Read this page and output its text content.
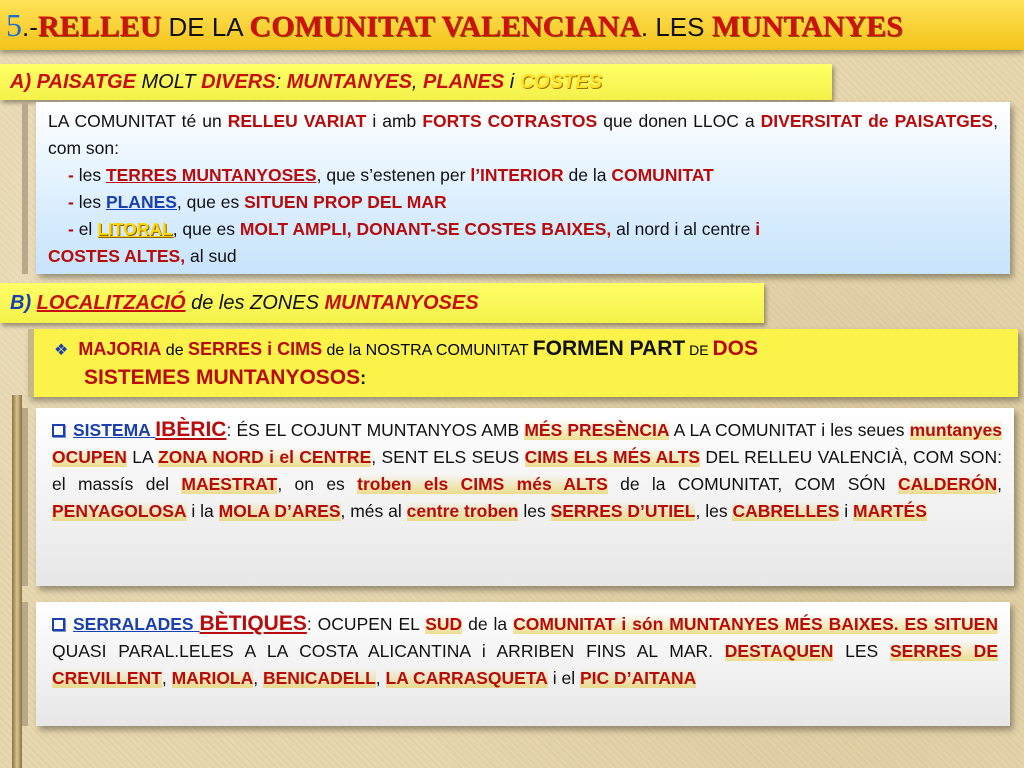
5.-RELLEU DE LA COMUNITAT VALENCIANA. LES MUNTANYES
A) PAISATGE MOLT DIVERS: MUNTANYES, PLANES i COSTES
LA COMUNITAT té un RELLEU VARIAT i amb FORTS COTRASTOS que donen LLOC a DIVERSITAT de PAISATGES, com son:
- les TERRES MUNTANYOSES, que s’estenen per l’INTERIOR de la COMUNITAT
- les PLANES, que es SITUEN PROP DEL MAR
- el LITORAL, que es MOLT AMPLI, DONANT-SE COSTES BAIXES, al nord i al centre i
COSTES ALTES, al sud
B) LOCALITZACIÓ de les ZONES MUNTANYOSES
❖ MAJORIA de SERRES i CIMS de la NOSTRA COMUNITAT FORMEN PART DE DOS
SISTEMES MUNTANYOSOS:
SISTEMA IBÈRIC: ÉS EL COJUNT MUNTANYOS AMB MÉS PRESÈNCIA A LA COMUNITAT i les seues muntanyes OCUPEN LA ZONA NORD i el CENTRE, SENT ELS SEUS CIMS ELS MÉS ALTS DEL RELLEU VALENCIÀ, COM SON: el massís del MAESTRAT, on es troben els CIMS més ALTS de la COMUNITAT, COM SÓN CALDERÓN, PENYAGOLOSA i la MOLA D’ARES, més al centre troben les SERRES D’UTIEL, les CABRELLES i MARTÉS
SERRALADES BÈTIQUES: OCUPEN EL SUD de la COMUNITAT i són MUNTANYES MÉS BAIXES. ES SITUEN QUASI PARAL.LELES A LA COSTA ALICANTINA i ARRIBEN FINS AL MAR. DESTAQUEN LES SERRES DE CREVILLENT, MARIOLA, BENICADELL, LA CARRASQUETA i el PIC D’AITANA
